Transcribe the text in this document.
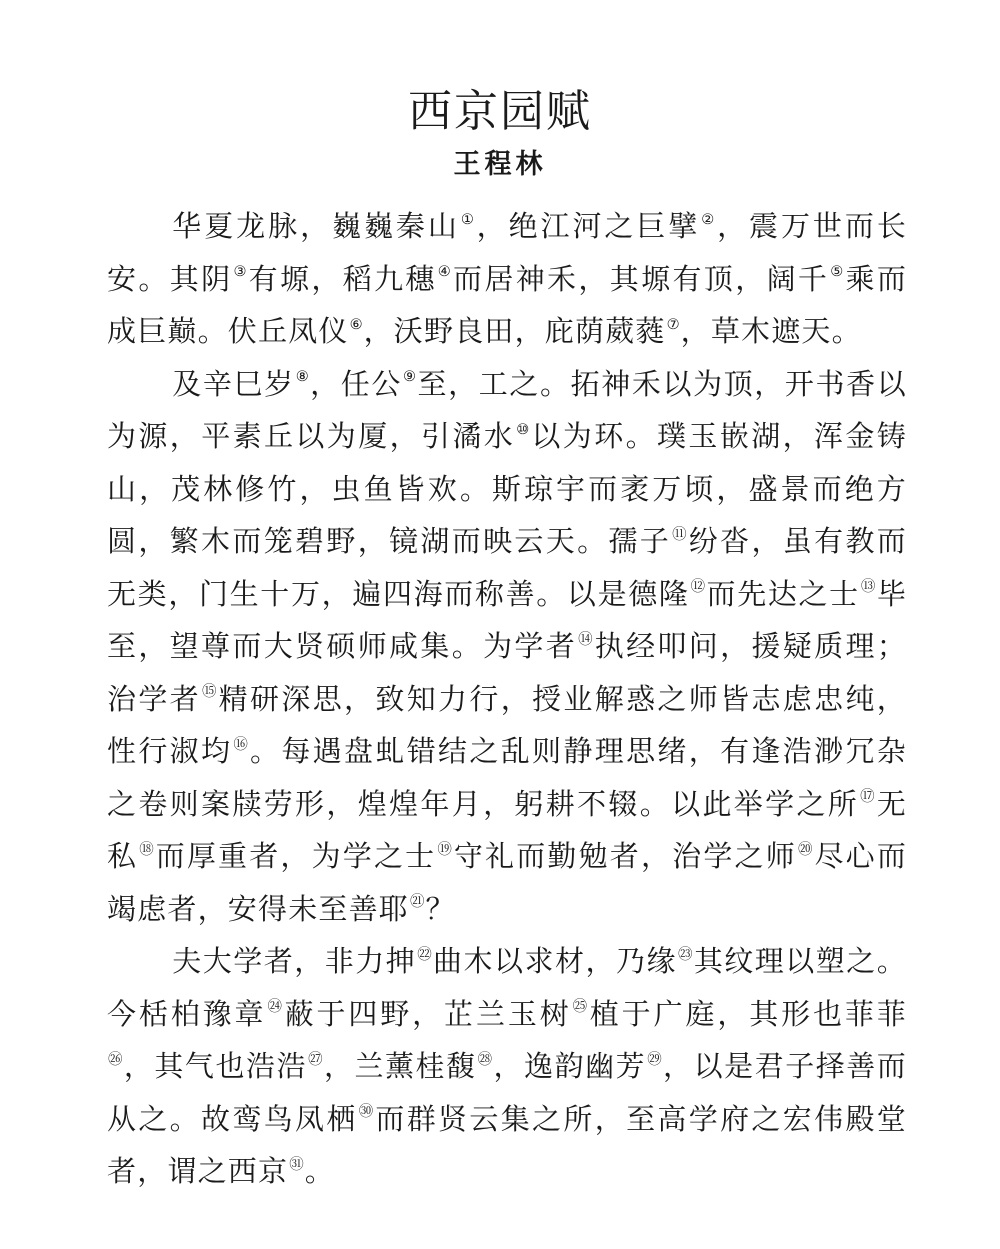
西京园赋
王程林

华夏龙脉，巍巍秦山①，绝江河之巨擘②，震万世而长安。其阴③有塬，稻九穗④而居神禾，其塬有顶，阔千⑤乘而成巨巅。伏丘凤仪⑥，沃野良田，庇荫葳蕤⑦，草木遮天。

及辛巳岁⑧，任公⑨至，工之。拓神禾以为顶，开书香以为源，平素丘以为厦，引潏水⑩以为环。璞玉嵌湖，浑金铸山，茂林修竹，虫鱼皆欢。斯琼宇而袤万顷，盛景而绝方圆，繁木而笼碧野，镜湖而映云天。孺子⑪纷沓，虽有教而无类，门生十万，遍四海而称善。以是德隆⑫而先达之士⑬毕至，望尊而大贤硕师咸集。为学者⑭执经叩问，援疑质理；治学者⑮精研深思，致知力行，授业解惑之师皆志虑忠纯，性行淑均⑯。每遇盘虬错结之乱则静理思绪，有逢浩渺冗杂之卷则案牍劳形，煌煌年月，躬耕不辍。以此举学之所⑰无私⑱而厚重者，为学之士⑲守礼而勤勉者，治学之师⑳尽心而竭虑者，安得未至善耶$^㉑$？

夫大学者，非力抻$^㉒$曲木以求材，乃缘$^㉓$其纹理以塑之。今栝柏豫章$^㉔$蔽于四野，芷兰玉树$^㉕$植于广庭，其形也菲菲$^㉖$，其气也浩浩$^㉗$，兰薰桂馥$^㉘$，逸韵幽芳$^㉙$，以是君子择善而从之。故鸾鸟凤栖$^㉚$而群贤云集之所，至高学府之宏伟殿堂者，谓之西京$^㉛$。
